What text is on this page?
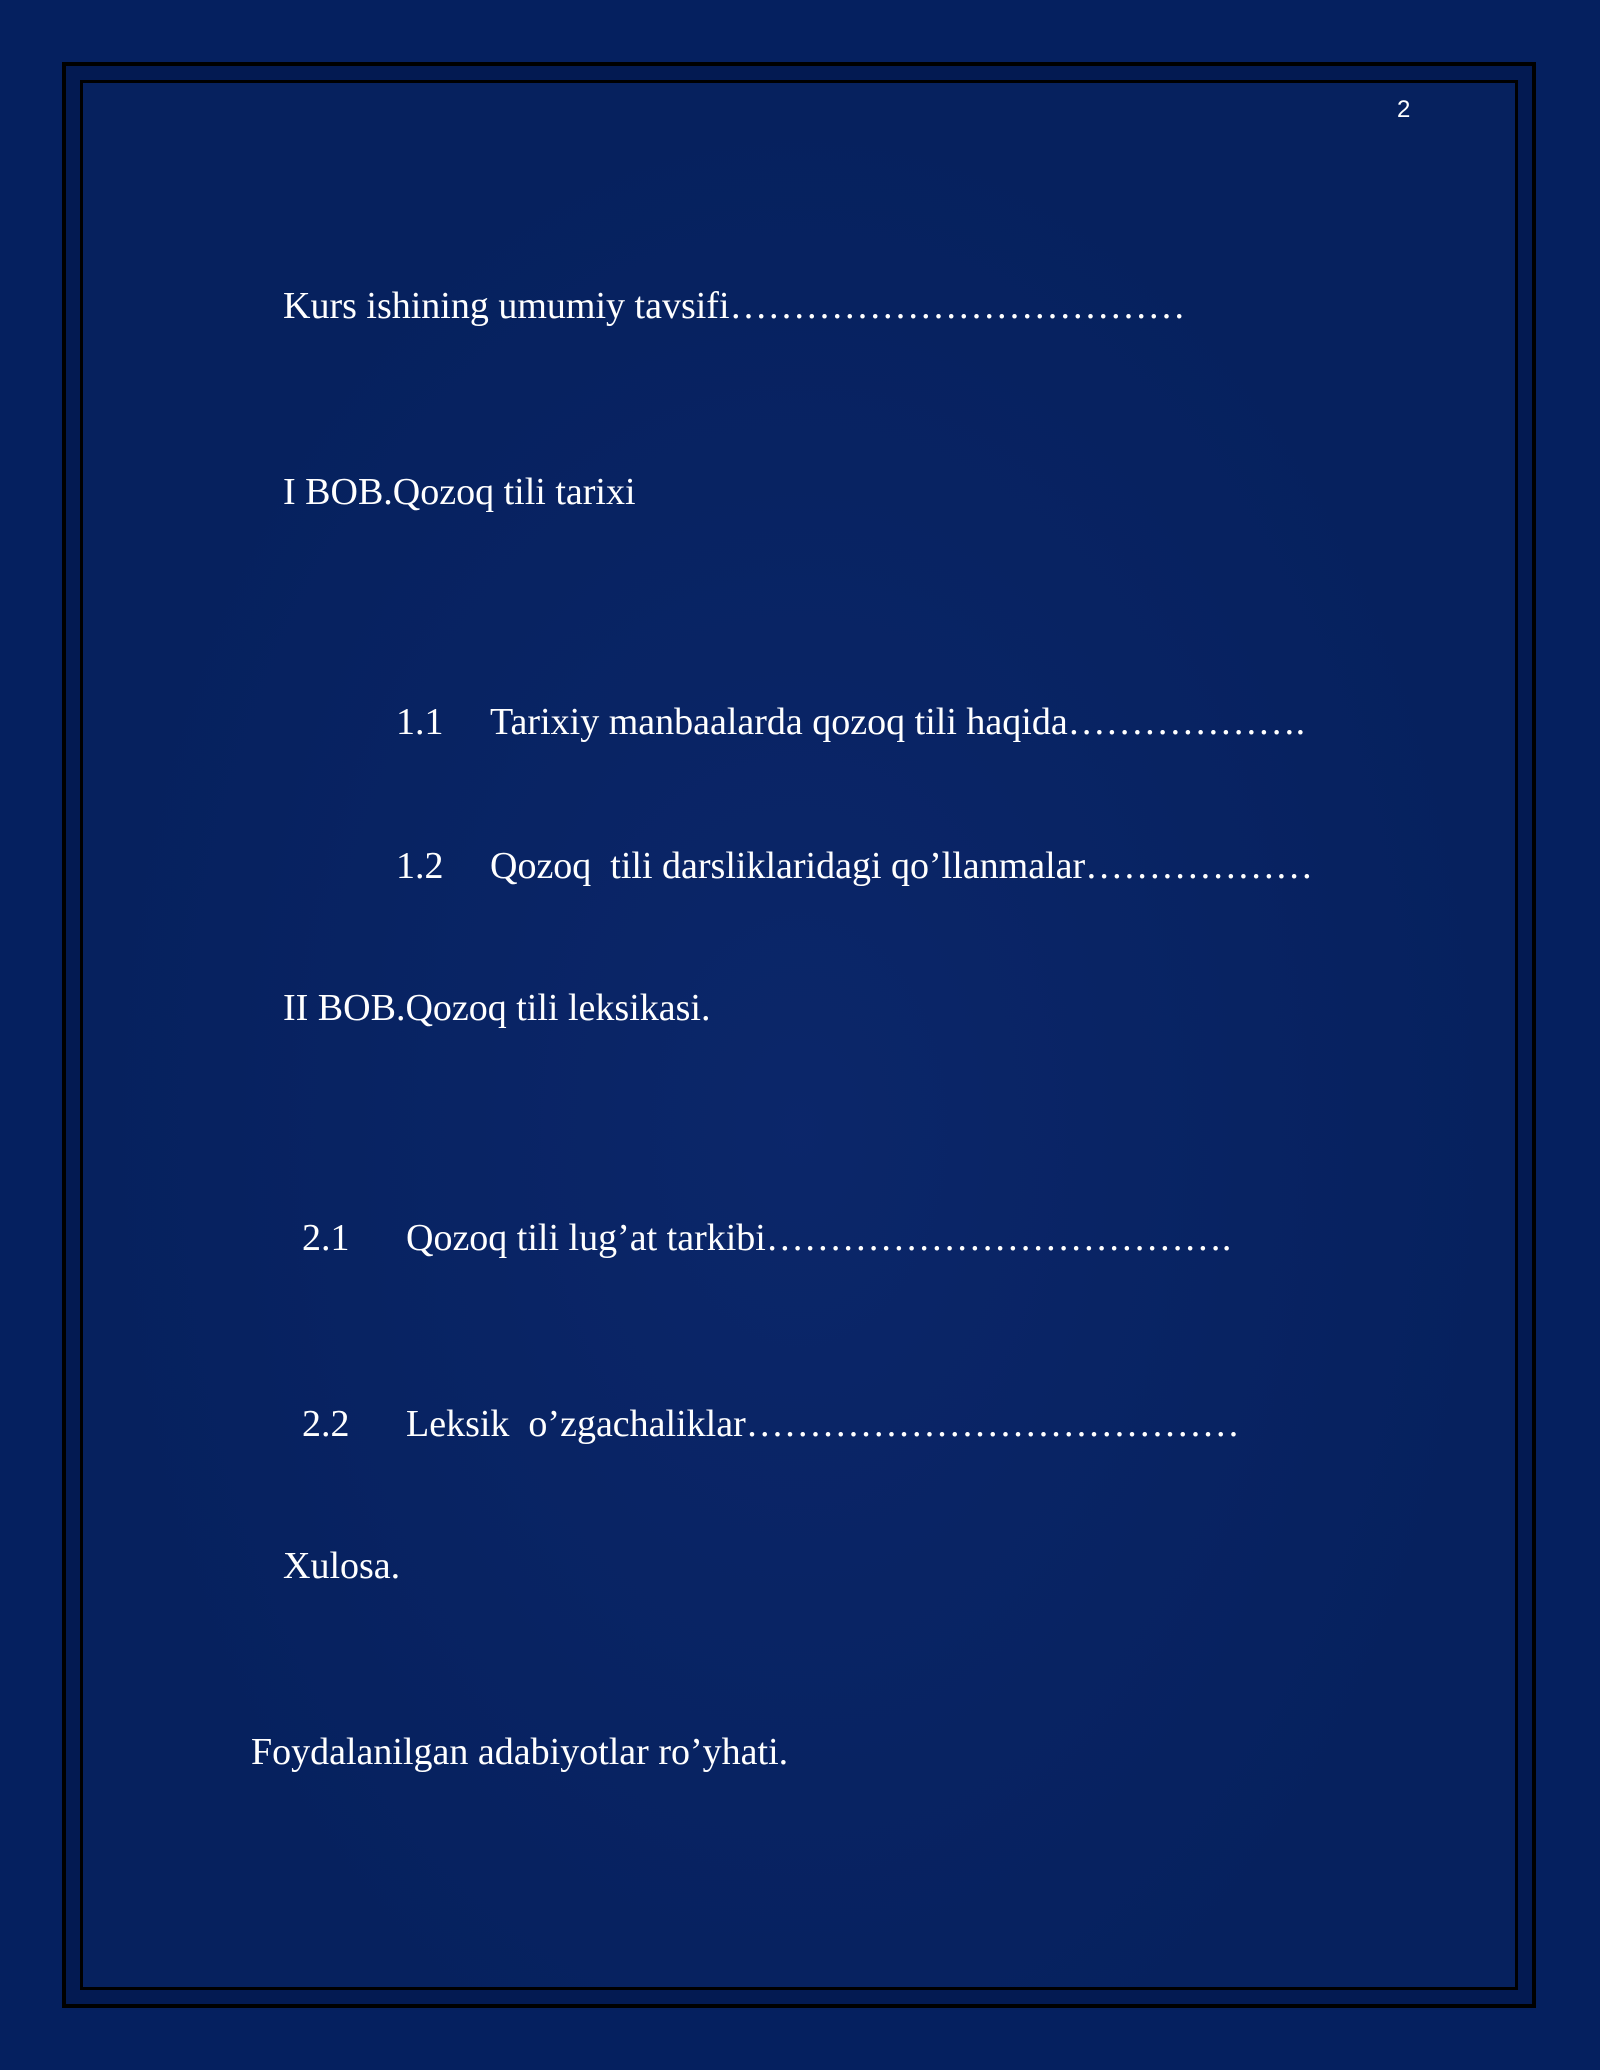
2
Kurs ishining umumiy tavsifi………………………………
I BOB.Qozoq tili tarixi

1.1 Tarixiy manbaalarda qozoq tili haqida……………….

1.2 Qozoq  tili darsliklaridagi qo’llanmalar………………

II BOB.Qozoq tili leksikasi.

2.1 Qozoq tili lug’at tarkibi……………………………….

2.2 Leksik  o’zgachaliklar…………………………………

Xulosa.
Foydalanilgan adabiyotlar ro’yhati.
